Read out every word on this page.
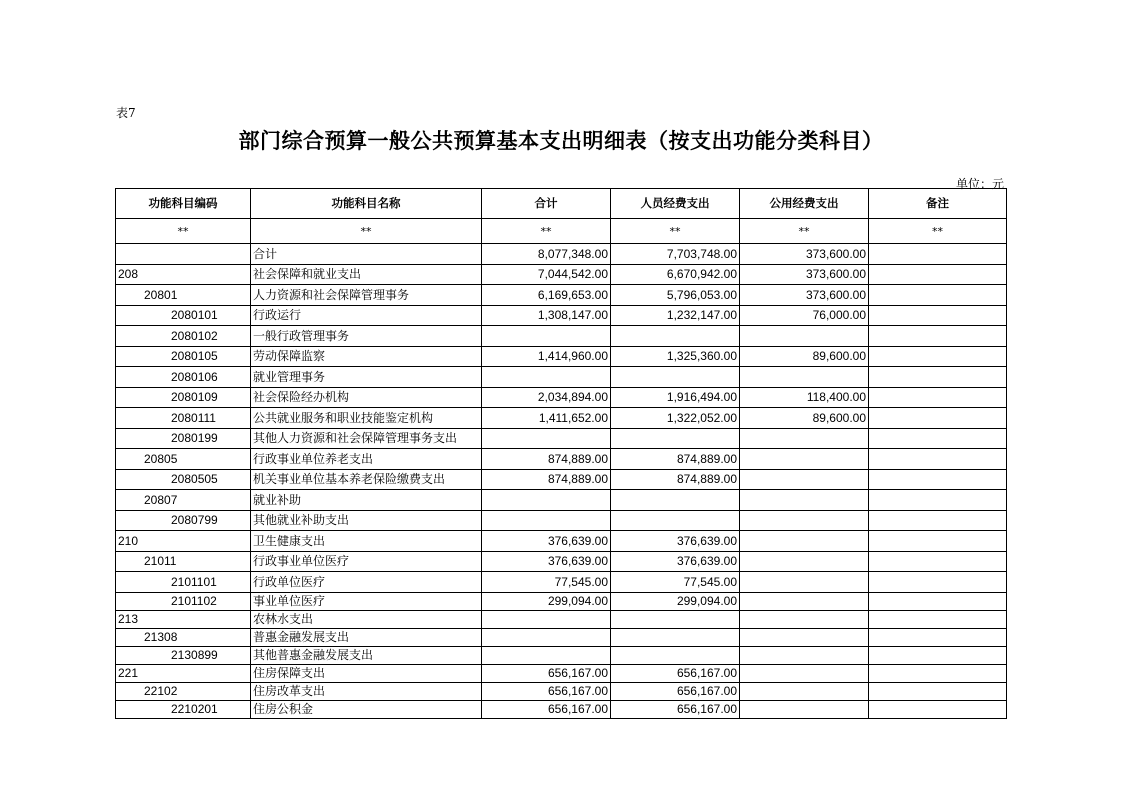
表7
部门综合预算一般公共预算基本支出明细表（按支出功能分类科目）
单位：元
功能科目编码	功能科目名称	合计	人员经费支出	公用经费支出	备注
**	**	**	**	**	**
	合计	8,077,348.00	7,703,748.00	373,600.00	
208	社会保障和就业支出	7,044,542.00	6,670,942.00	373,600.00	
20801	人力资源和社会保障管理事务	6,169,653.00	5,796,053.00	373,600.00	
2080101	行政运行	1,308,147.00	1,232,147.00	76,000.00	
2080102	一般行政管理事务				
2080105	劳动保障监察	1,414,960.00	1,325,360.00	89,600.00	
2080106	就业管理事务				
2080109	社会保险经办机构	2,034,894.00	1,916,494.00	118,400.00	
2080111	公共就业服务和职业技能鉴定机构	1,411,652.00	1,322,052.00	89,600.00	
2080199	其他人力资源和社会保障管理事务支出				
20805	行政事业单位养老支出	874,889.00	874,889.00		
2080505	机关事业单位基本养老保险缴费支出	874,889.00	874,889.00		
20807	就业补助				
2080799	其他就业补助支出				
210	卫生健康支出	376,639.00	376,639.00		
21011	行政事业单位医疗	376,639.00	376,639.00		
2101101	行政单位医疗	77,545.00	77,545.00		
2101102	事业单位医疗	299,094.00	299,094.00		
213	农林水支出				
21308	普惠金融发展支出				
2130899	其他普惠金融发展支出				
221	住房保障支出	656,167.00	656,167.00		
22102	住房改革支出	656,167.00	656,167.00		
2210201	住房公积金	656,167.00	656,167.00		
